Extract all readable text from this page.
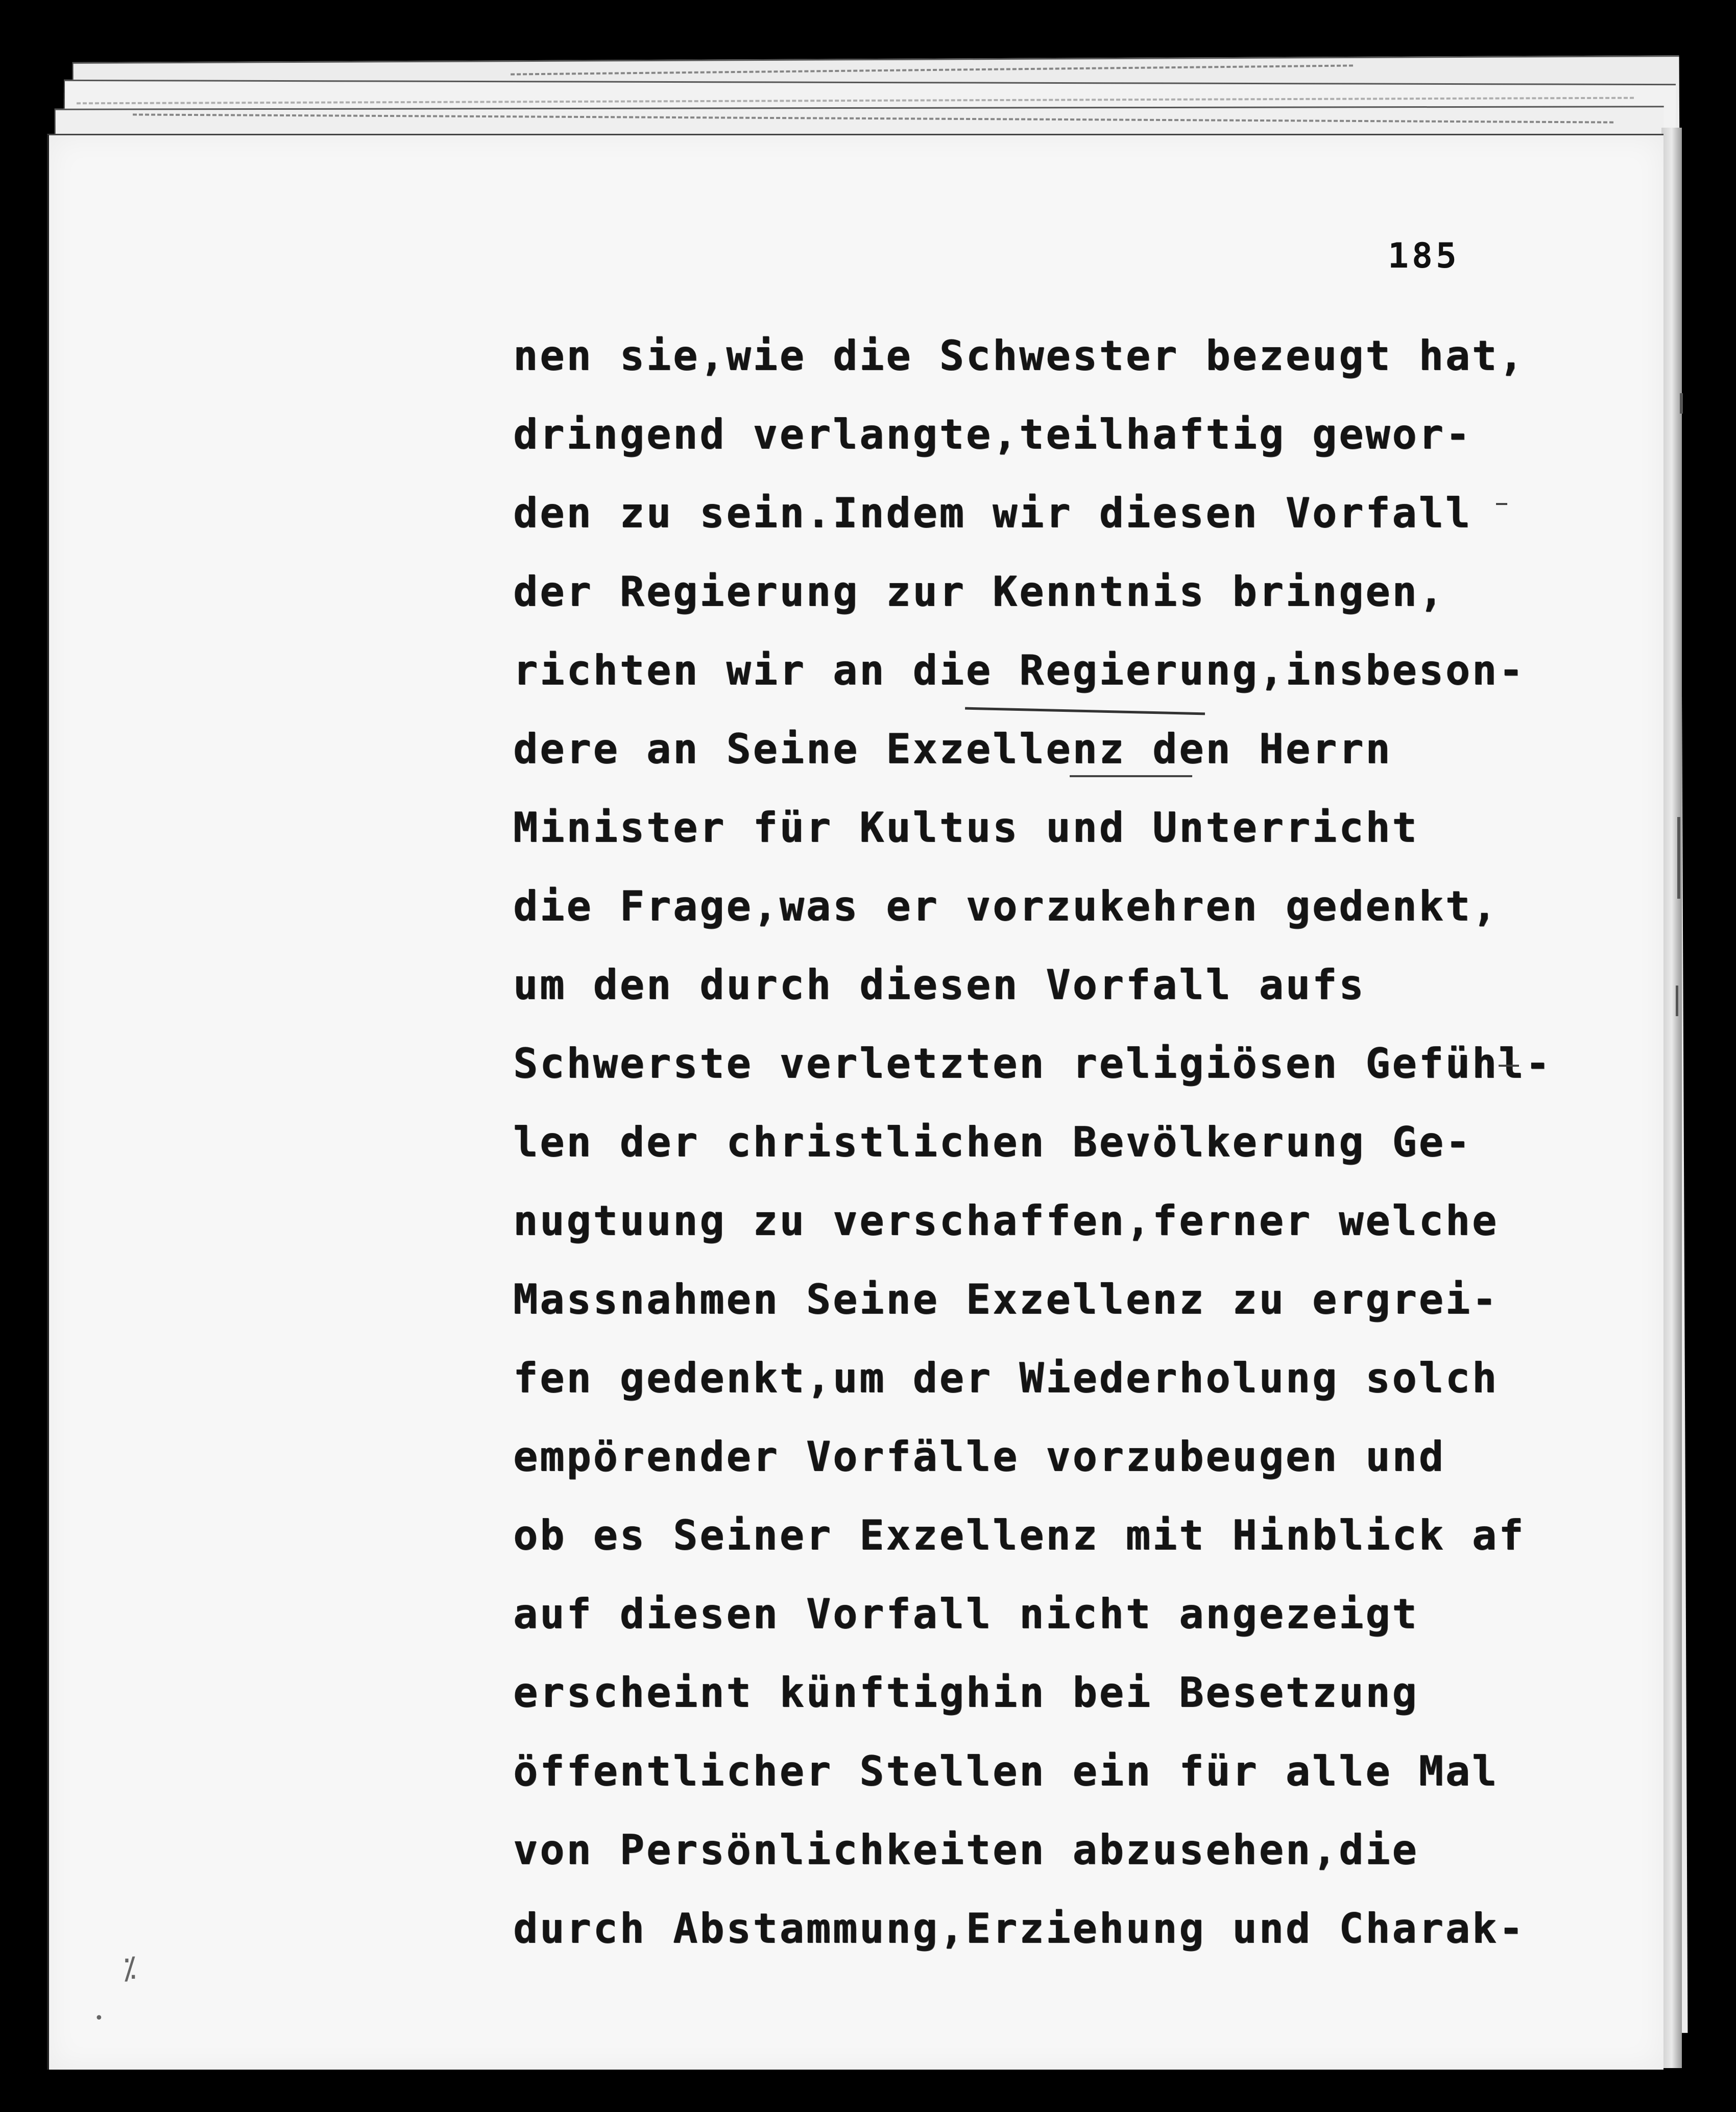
185
nen sie,wie die Schwester bezeugt hat,
dringend verlangte,teilhaftig gewor-
den zu sein.Indem wir diesen Vorfall
der Regierung zur Kenntnis bringen,
richten wir an die Regierung,insbeson-
dere an Seine Exzellenz den Herrn
Minister für Kultus und Unterricht
die Frage,was er vorzukehren gedenkt,
um den durch diesen Vorfall aufs
Schwerste verletzten religiösen Gefühl-
len der christlichen Bevölkerung Ge-
nugtuung zu verschaffen,ferner welche
Massnahmen Seine Exzellenz zu ergrei-
fen gedenkt,um der Wiederholung solch
empörender Vorfälle vorzubeugen und
ob es Seiner Exzellenz mit Hinblick af
auf diesen Vorfall nicht angezeigt
erscheint künftighin bei Besetzung
öffentlicher Stellen ein für alle Mal
von Persönlichkeiten abzusehen,die
durch Abstammung,Erziehung und Charak-
⁒
•
